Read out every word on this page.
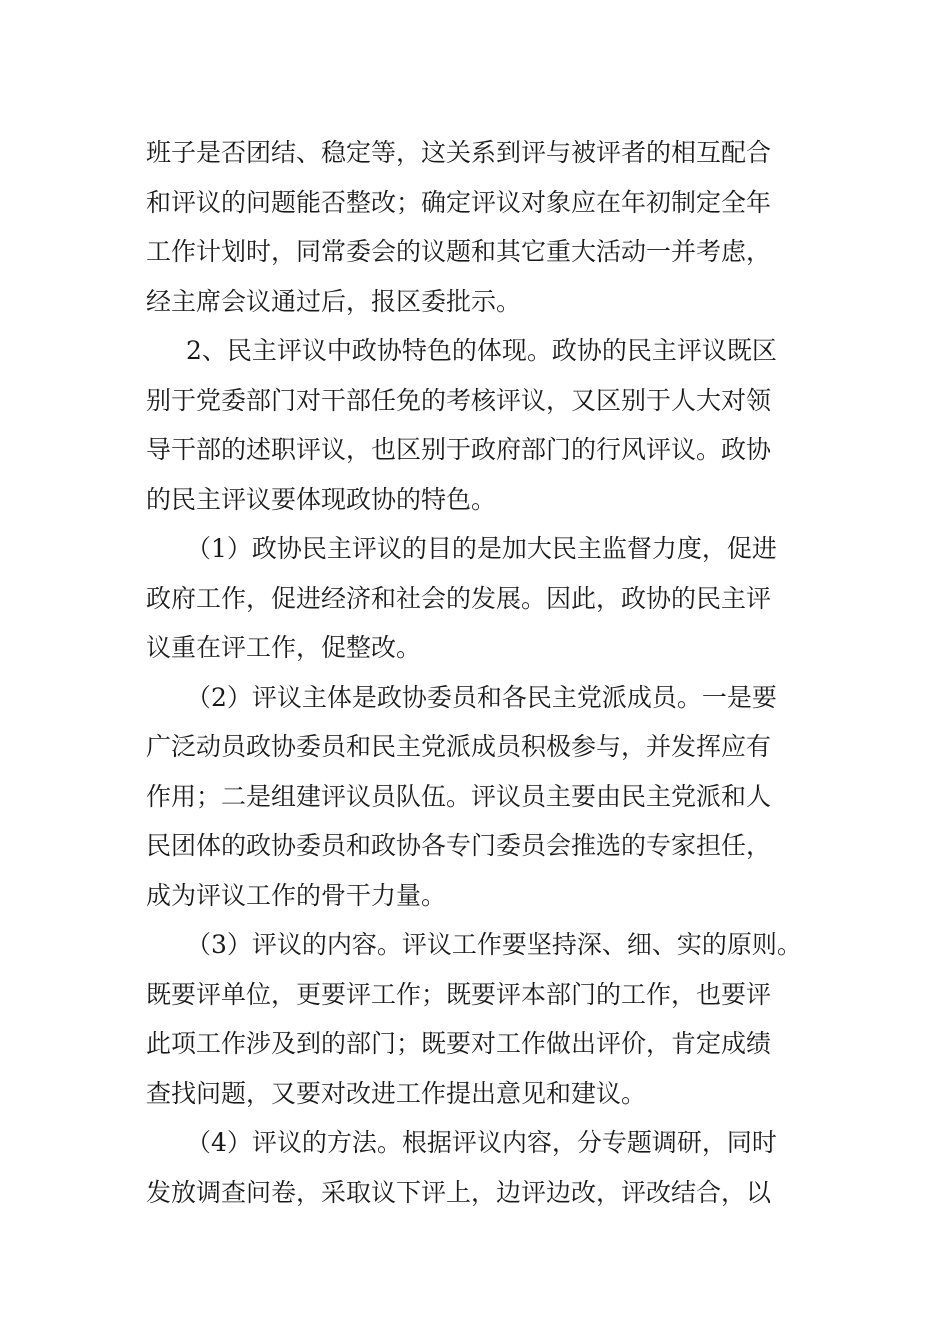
班子是否团结、稳定等，这关系到评与被评者的相互配合
和评议的问题能否整改；确定评议对象应在年初制定全年
工作计划时，同常委会的议题和其它重大活动一并考虑，
经主席会议通过后，报区委批示。
2、民主评议中政协特色的体现。政协的民主评议既区
别于党委部门对干部任免的考核评议，又区别于人大对领
导干部的述职评议，也区别于政府部门的行风评议。政协
的民主评议要体现政协的特色。
（1）政协民主评议的目的是加大民主监督力度，促进
政府工作，促进经济和社会的发展。因此，政协的民主评
议重在评工作，促整改。
（2）评议主体是政协委员和各民主党派成员。一是要
广泛动员政协委员和民主党派成员积极参与，并发挥应有
作用；二是组建评议员队伍。评议员主要由民主党派和人
民团体的政协委员和政协各专门委员会推选的专家担任，
成为评议工作的骨干力量。
（3）评议的内容。评议工作要坚持深、细、实的原则。
既要评单位，更要评工作；既要评本部门的工作，也要评
此项工作涉及到的部门；既要对工作做出评价，肯定成绩
查找问题，又要对改进工作提出意见和建议。
（4）评议的方法。根据评议内容，分专题调研，同时
发放调查问卷，采取议下评上，边评边改，评改结合，以
